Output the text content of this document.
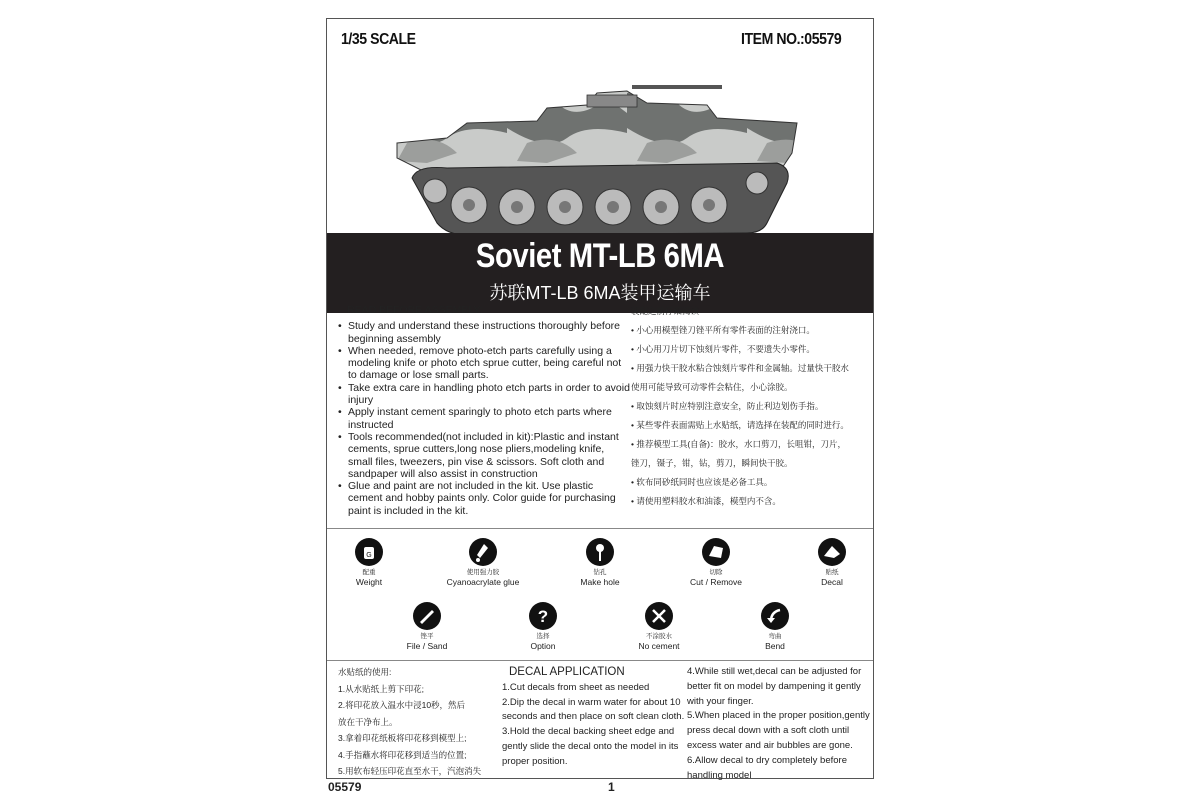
1/35 SCALE	ITEM NO.:05579
Soviet MT-LB 6MA
苏联MT-LB 6MA装甲运输车
READ BEFORE ASSEMBLY:
• Study and understand these instructions thoroughly before beginning assembly
• When needed, remove photo-etch parts carefully using a modeling knife or photo etch sprue cutter, being careful not to damage or lose small parts.
• Take extra care in handling photo etch parts in order to avoid injury
• Apply instant cement sparingly to photo etch parts where instructed
• Tools recommended(not included in kit):Plastic and instant cements, sprue cutters,long nose pliers,modeling knife, small files, tweezers, pin vise & scissors. Soft cloth and sandpaper will also assist in construction
• Glue and paint are not included in the kit. Use plastic cement and hobby paints only. Color guide for purchasing paint is included in the kit.
装配之前仔细阅读
• 小心用模型锉刀锉平所有零件表面的注射浇口。
• 小心用刀片切下蚀刻片零件，不要遗失小零件。
• 用强力快干胶水粘合蚀刻片零件和金属轴。过量快干胶水
使用可能导致可动零件会粘住，小心涂胶。
• 取蚀刻片时应特别注意安全，防止利边划伤手指。
• 某些零件表面需贴上水贴纸，请选择在装配的同时进行。
• 推荐模型工具(自备)：胶水，水口剪刀，长咀钳，刀片，
锉刀，镊子，钳，钻，剪刀，瞬间快干胶。
• 软布同砂纸同时也应该是必备工具。
• 请使用塑料胶水和油漆，模型内不含。
G
配重
Weight
使用强力胶
Cyanoacrylate glue
钻孔
Make hole
切除
Cut / Remove
贴纸
Decal
锉平
File / Sand
?
选择
Option
不涂胶水
No cement
弯曲
Bend

水贴纸的使用:

1.从水贴纸上剪下印花;

2.将印花放入温水中浸10秒，然后

放在干净布上。

3.拿着印花纸板将印花移到模型上;

4.手指蘸水将印花移到适当的位置;

5.用软布轻压印花直至水干，汽泡消失

DECAL APPLICATION

1.Cut decals from sheet as needed

2.Dip the decal in warm water for about 10

seconds and then place on soft clean cloth.

3.Hold the decal backing sheet edge and

gently slide the decal onto the model in its

proper position.

4.While still wet,decal can be adjusted for

better fit on model by dampening it gently

with your finger.

5.When placed in the proper position,gently

press decal down with a soft cloth until

excess water and air bubbles are gone.

6.Allow decal to dry completely before

handling model

05579	1
